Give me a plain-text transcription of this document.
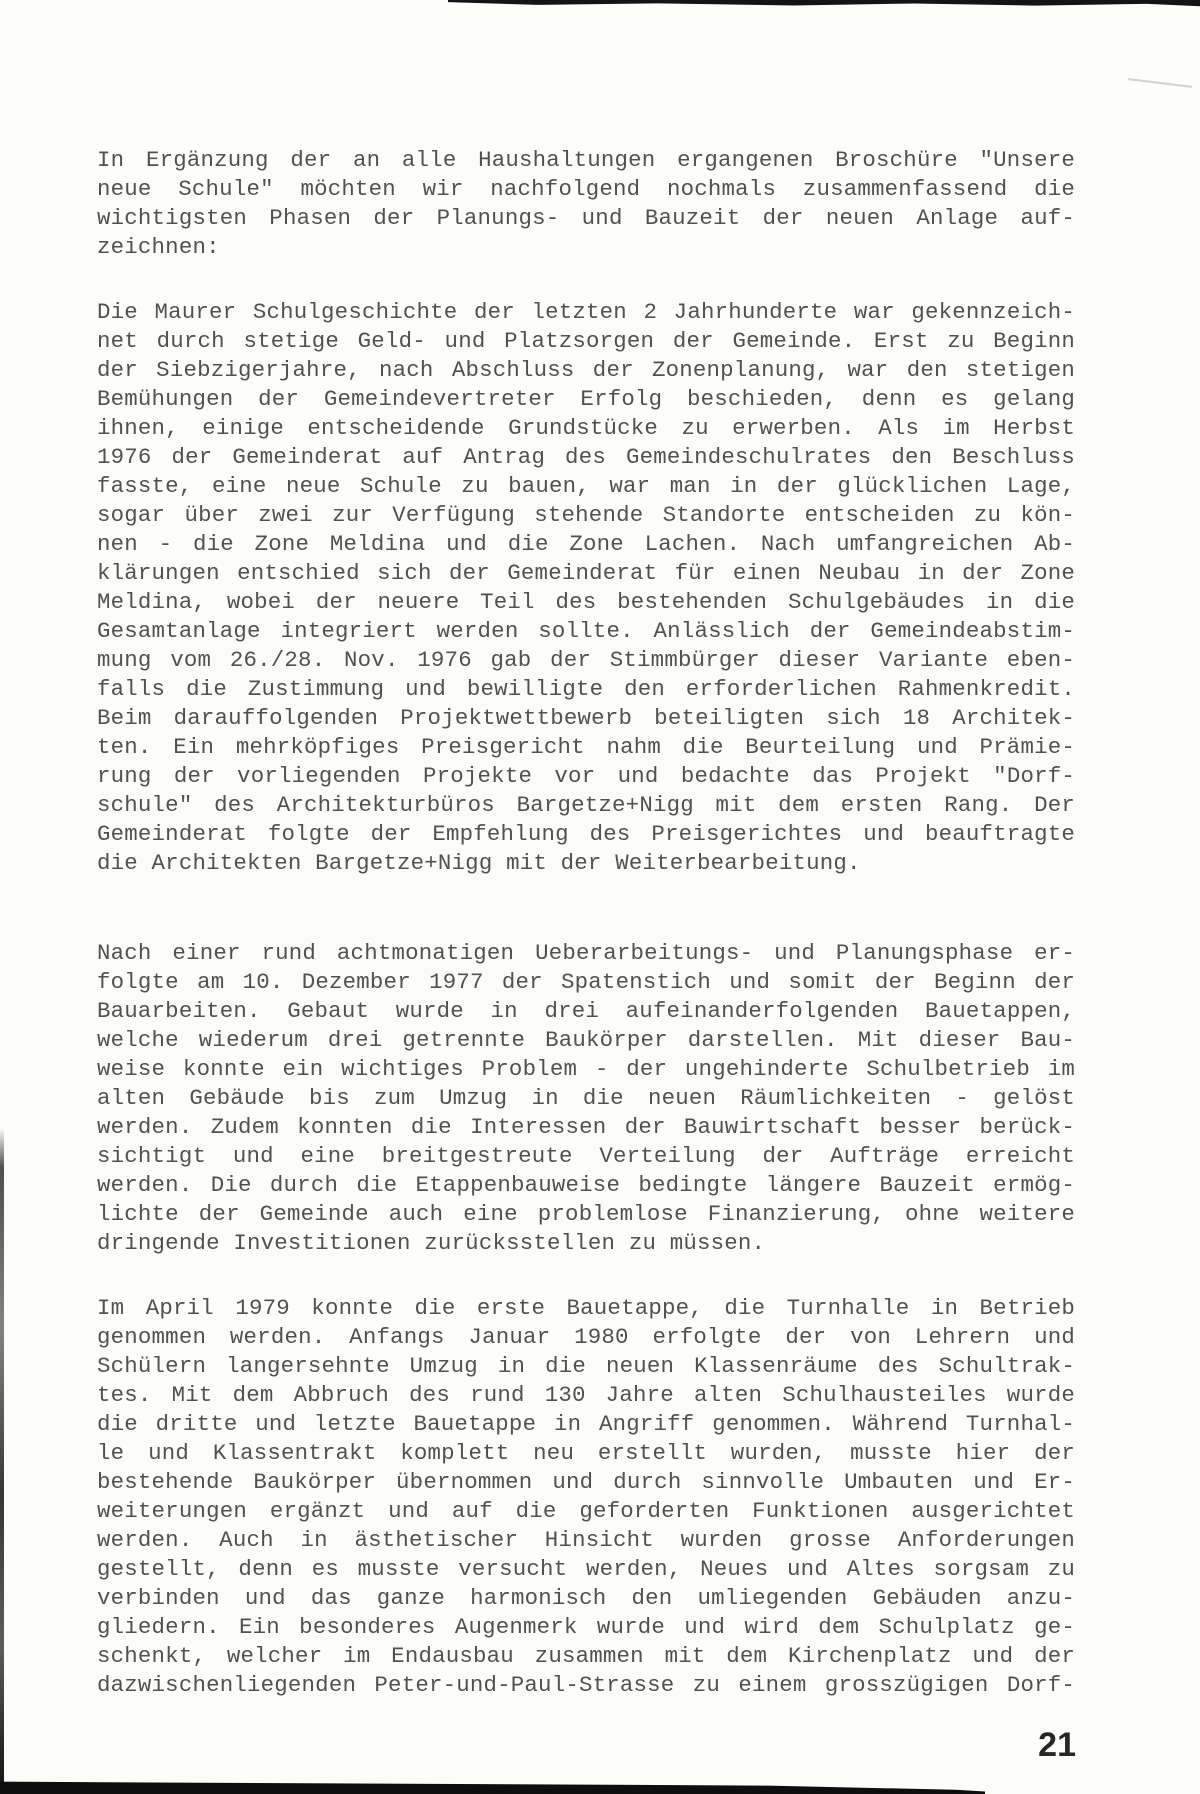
In Ergänzung der an alle Haushaltungen ergangenen Broschüre "Unsere
neue Schule" möchten wir nachfolgend nochmals zusammenfassend die
wichtigsten Phasen der Planungs- und Bauzeit der neuen Anlage auf-
zeichnen:
Die Maurer Schulgeschichte der letzten 2 Jahrhunderte war gekennzeich-
net durch stetige Geld- und Platzsorgen der Gemeinde. Erst zu Beginn
der Siebzigerjahre, nach Abschluss der Zonenplanung, war den stetigen
Bemühungen der Gemeindevertreter Erfolg beschieden, denn es gelang
ihnen, einige entscheidende Grundstücke zu erwerben. Als im Herbst
1976 der Gemeinderat auf Antrag des Gemeindeschulrates den Beschluss
fasste, eine neue Schule zu bauen, war man in der glücklichen Lage,
sogar über zwei zur Verfügung stehende Standorte entscheiden zu kön-
nen - die Zone Meldina und die Zone Lachen. Nach umfangreichen Ab-
klärungen entschied sich der Gemeinderat für einen Neubau in der Zone
Meldina, wobei der neuere Teil des bestehenden Schulgebäudes in die
Gesamtanlage integriert werden sollte. Anlässlich der Gemeindeabstim-
mung vom 26./28. Nov. 1976 gab der Stimmbürger dieser Variante eben-
falls die Zustimmung und bewilligte den erforderlichen Rahmenkredit.
Beim darauffolgenden Projektwettbewerb beteiligten sich 18 Architek-
ten. Ein mehrköpfiges Preisgericht nahm die Beurteilung und Prämie-
rung der vorliegenden Projekte vor und bedachte das Projekt "Dorf-
schule" des Architekturbüros Bargetze+Nigg mit dem ersten Rang. Der
Gemeinderat folgte der Empfehlung des Preisgerichtes und beauftragte
die Architekten Bargetze+Nigg mit der Weiterbearbeitung.
Nach einer rund achtmonatigen Ueberarbeitungs- und Planungsphase er-
folgte am 10. Dezember 1977 der Spatenstich und somit der Beginn der
Bauarbeiten. Gebaut wurde in drei aufeinanderfolgenden Bauetappen,
welche wiederum drei getrennte Baukörper darstellen. Mit dieser Bau-
weise konnte ein wichtiges Problem - der ungehinderte Schulbetrieb im
alten Gebäude bis zum Umzug in die neuen Räumlichkeiten - gelöst
werden. Zudem konnten die Interessen der Bauwirtschaft besser berück-
sichtigt und eine breitgestreute Verteilung der Aufträge erreicht
werden. Die durch die Etappenbauweise bedingte längere Bauzeit ermög-
lichte der Gemeinde auch eine problemlose Finanzierung, ohne weitere
dringende Investitionen zurücksstellen zu müssen.
Im April 1979 konnte die erste Bauetappe, die Turnhalle in Betrieb
genommen werden. Anfangs Januar 1980 erfolgte der von Lehrern und
Schülern langersehnte Umzug in die neuen Klassenräume des Schultrak-
tes. Mit dem Abbruch des rund 130 Jahre alten Schulhausteiles wurde
die dritte und letzte Bauetappe in Angriff genommen. Während Turnhal-
le und Klassentrakt komplett neu erstellt wurden, musste hier der
bestehende Baukörper übernommen und durch sinnvolle Umbauten und Er-
weiterungen ergänzt und auf die geforderten Funktionen ausgerichtet
werden. Auch in ästhetischer Hinsicht wurden grosse Anforderungen
gestellt, denn es musste versucht werden, Neues und Altes sorgsam zu
verbinden und das ganze harmonisch den umliegenden Gebäuden anzu-
gliedern. Ein besonderes Augenmerk wurde und wird dem Schulplatz ge-
schenkt, welcher im Endausbau zusammen mit dem Kirchenplatz und der
dazwischenliegenden Peter-und-Paul-Strasse zu einem grosszügigen Dorf-
21
